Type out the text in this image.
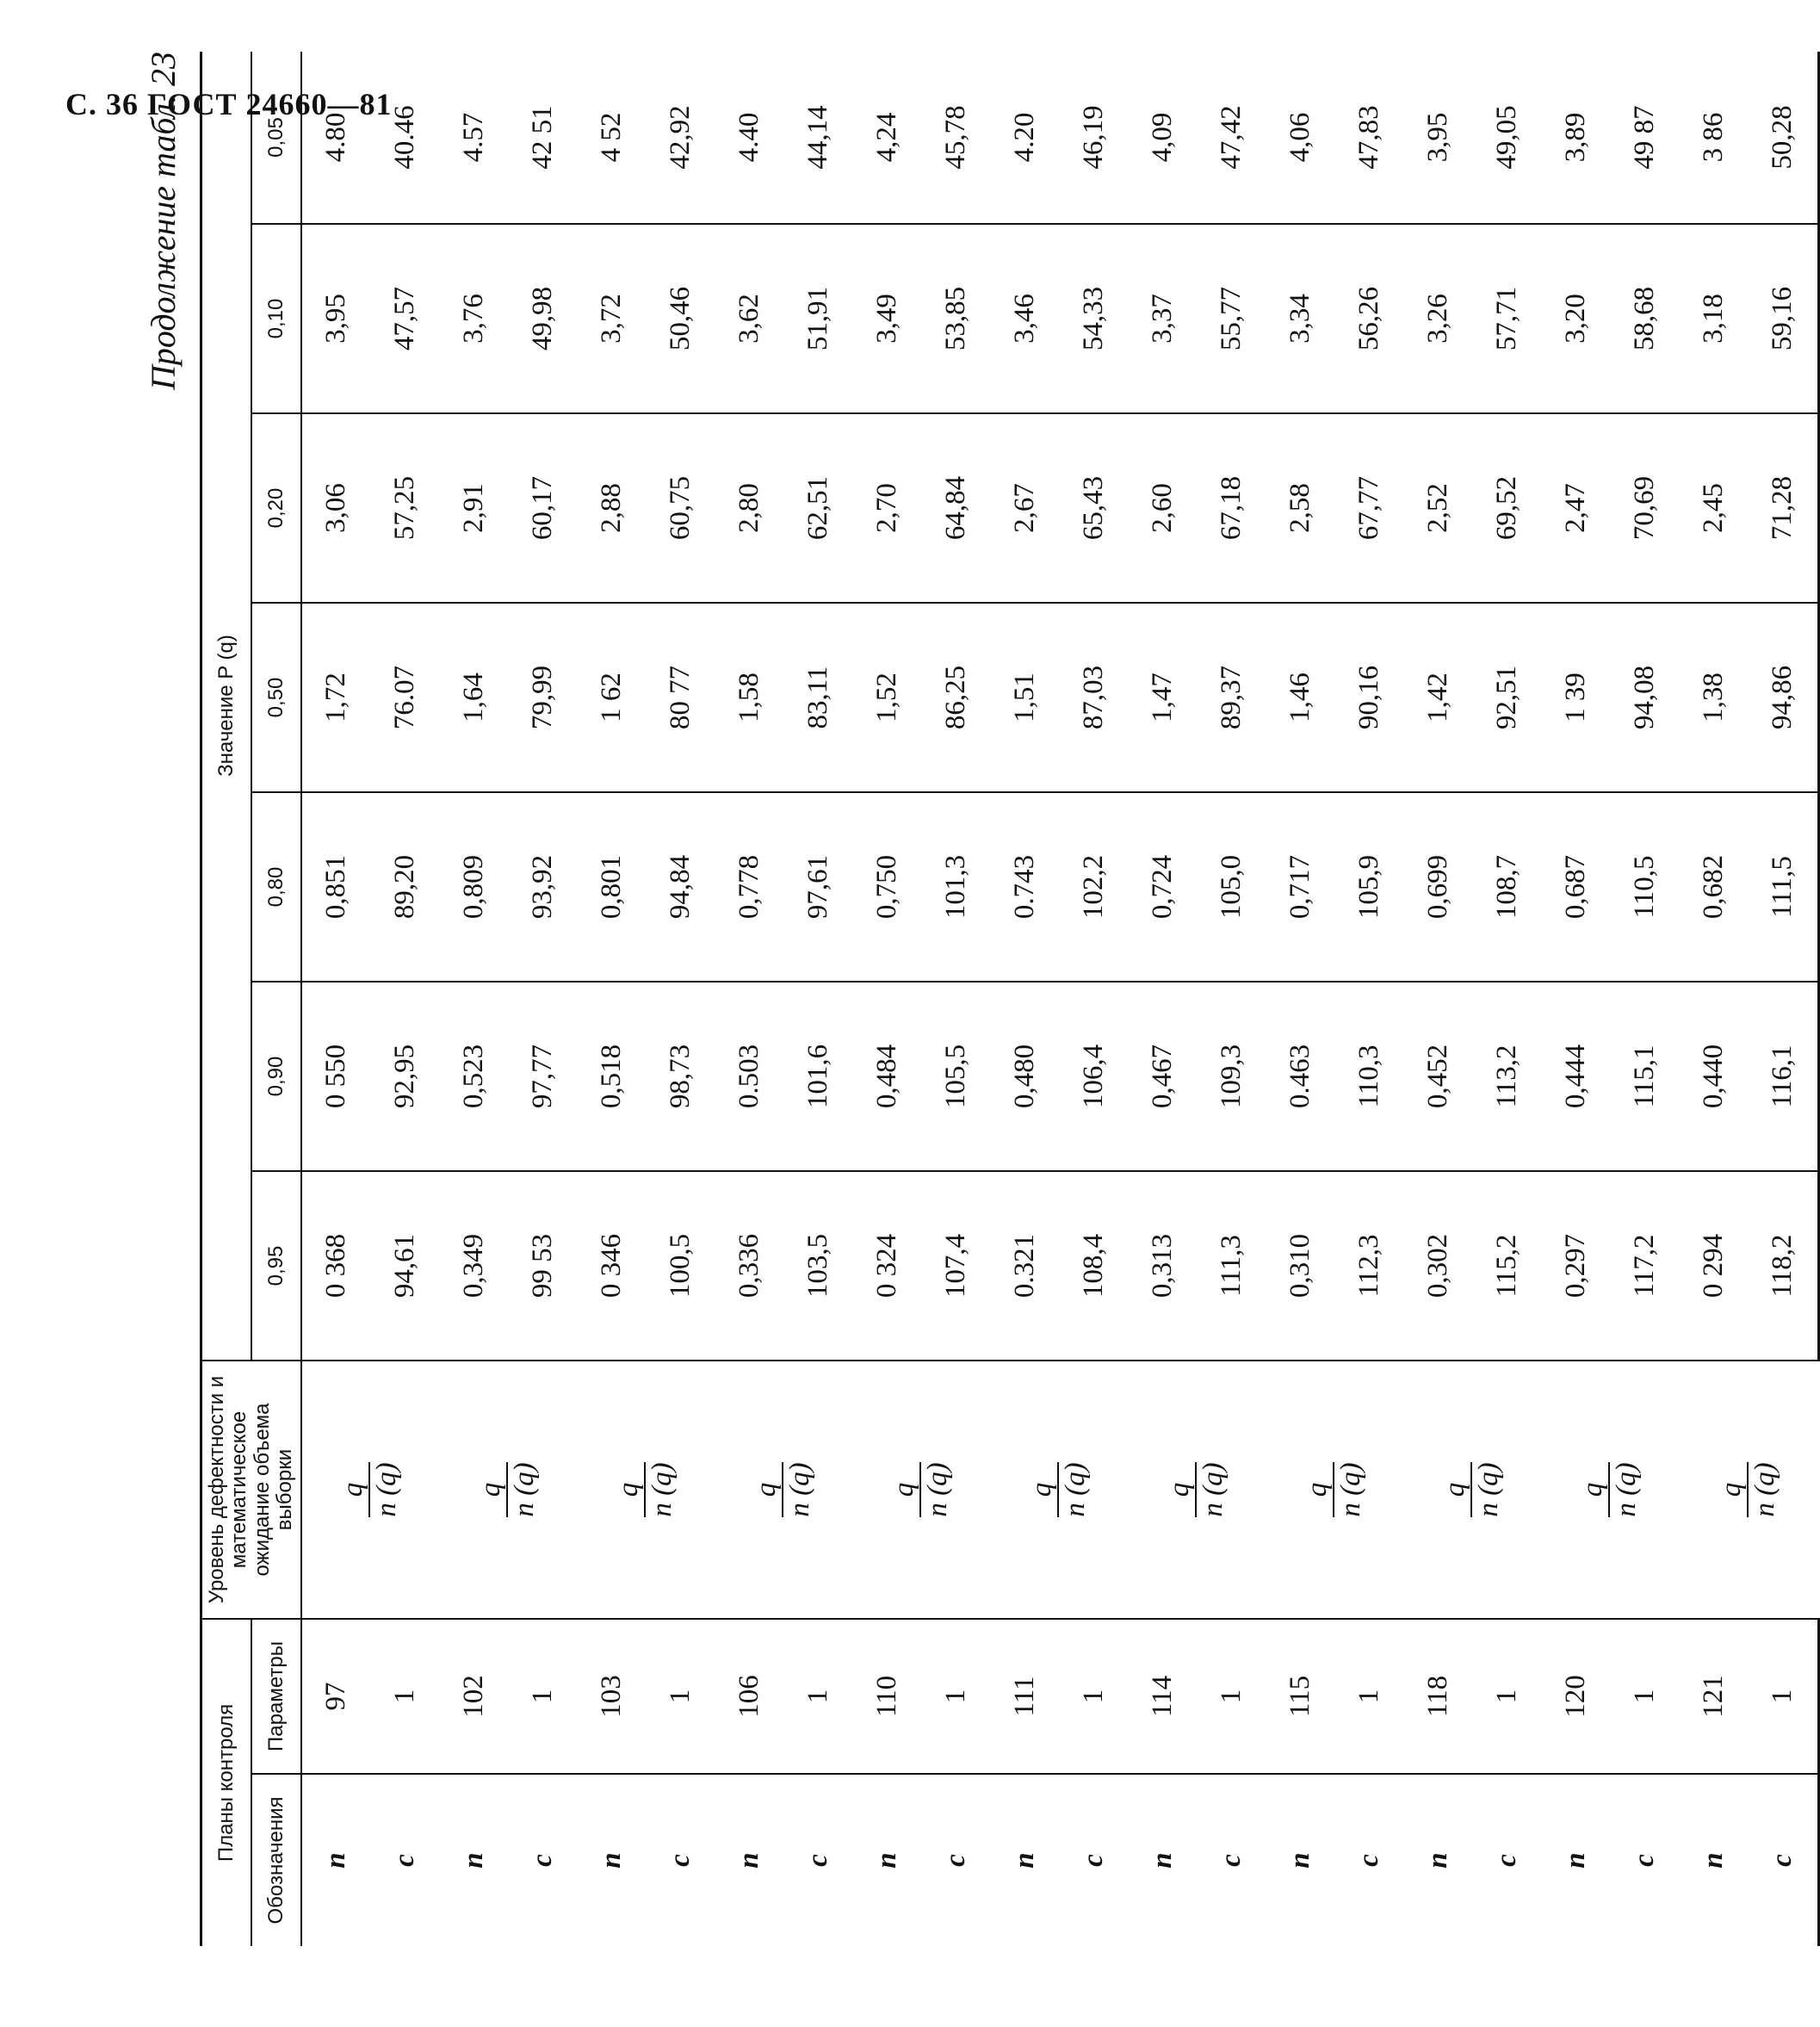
С. 36 ГОСТ 24660—81
Продолжение табл. 23
Планы контроля		Уровень дефектности и математическое ожидание объема выборки	Значение P (q)						
Обозначения	Параметры		0,95	0,90	0,80	0,50	0,20	0,10	0,05
n	97	q n (q)	0 368	0 550	0,851	1,72	3,06	3,95	4.80
c	1		94,61	92,95	89,20	76.07	57,25	47,57	40.46
n	102	q n (q)	0,349	0,523	0,809	1,64	2,91	3,76	4.57
c	1		99 53	97,77	93,92	79,99	60,17	49,98	42 51
n	103	q n (q)	0 346	0,518	0,801	1 62	2,88	3,72	4 52
c	1		100,5	98,73	94,84	80 77	60,75	50,46	42,92
n	106	q n (q)	0,336	0.503	0,778	1,58	2,80	3,62	4.40
c	1		103,5	101,6	97,61	83,11	62,51	51,91	44,14
n	110	q n (q)	0 324	0,484	0,750	1,52	2,70	3,49	4,24
c	1		107,4	105,5	101,3	86,25	64,84	53,85	45,78
n	111	q n (q)	0.321	0,480	0.743	1,51	2,67	3,46	4.20
c	1		108,4	106,4	102,2	87,03	65,43	54,33	46,19
n	114	q n (q)	0,313	0,467	0,724	1,47	2,60	3,37	4,09
c	1		111,3	109,3	105,0	89,37	67,18	55,77	47,42
n	115	q n (q)	0,310	0.463	0,717	1,46	2,58	3,34	4,06
c	1		112,3	110,3	105,9	90,16	67,77	56,26	47,83
n	118	q n (q)	0,302	0,452	0,699	1,42	2,52	3,26	3,95
c	1		115,2	113,2	108,7	92,51	69,52	57,71	49,05
n	120	q n (q)	0,297	0,444	0,687	1 39	2,47	3,20	3,89
c	1		117,2	115,1	110,5	94,08	70,69	58,68	49 87
n	121	q n (q)	0 294	0,440	0,682	1,38	2,45	3,18	3 86
c	1		118,2	116,1	111,5	94,86	71,28	59,16	50,28
